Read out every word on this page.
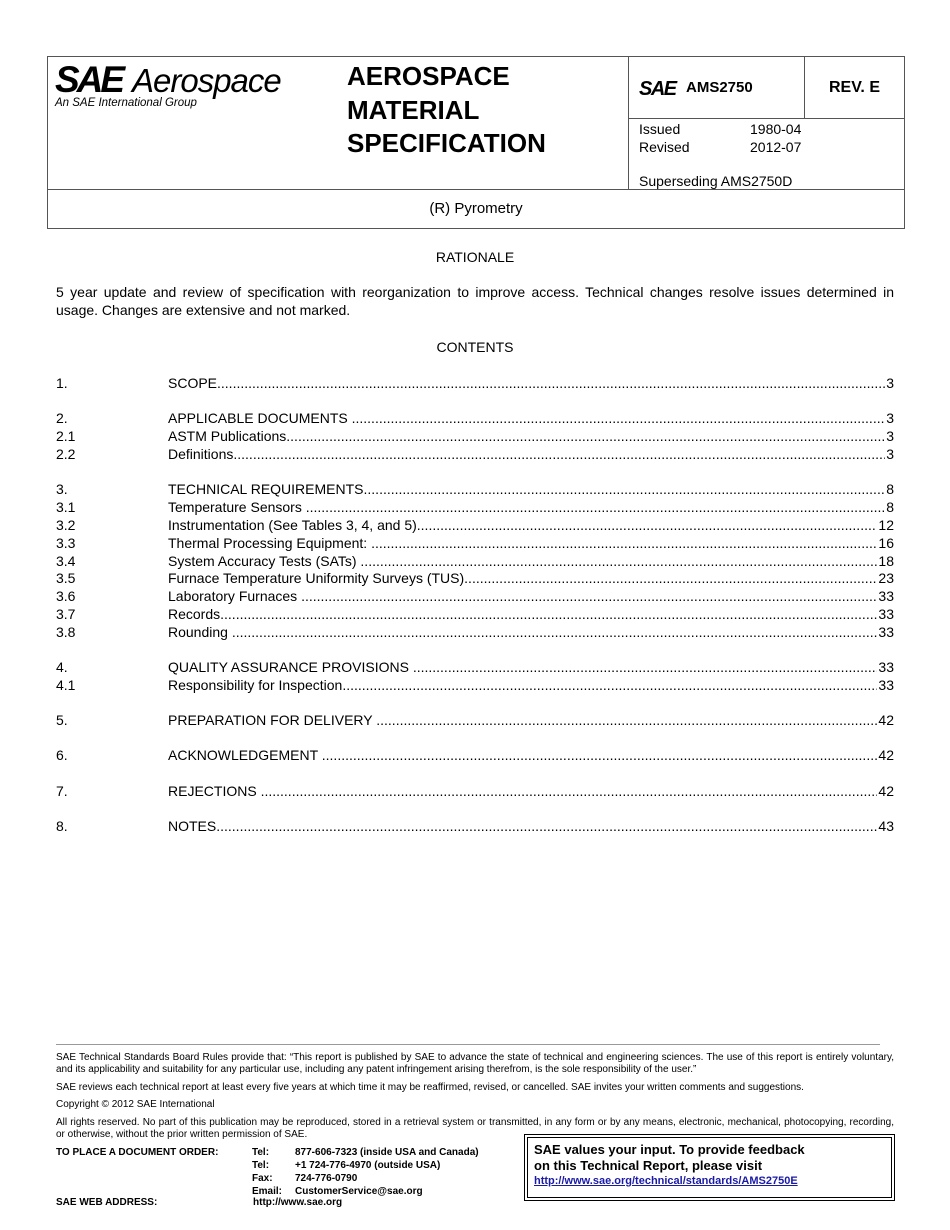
SAE Aerospace
An SAE International Group
AEROSPACE
MATERIAL
SPECIFICATION
SAE AMS2750	REV. E
Issued	1980-04
Revised	2012-07
Superseding AMS2750D
(R) Pyrometry
RATIONALE
5 year update and review of specification with reorganization to improve access. Technical changes resolve issues determined in usage. Changes are extensive and not marked.
CONTENTS
1.	SCOPE .....	3
2.	APPLICABLE DOCUMENTS .....	3
2.1	ASTM Publications .....	3
2.2	Definitions .....	3
3.	TECHNICAL REQUIREMENTS .....	8
3.1	Temperature Sensors .....	8
3.2	Instrumentation (See Tables 3, 4, and 5) .....	12
3.3	Thermal Processing Equipment: .....	16
3.4	System Accuracy Tests (SATs) .....	18
3.5	Furnace Temperature Uniformity Surveys (TUS) .....	23
3.6	Laboratory Furnaces .....	33
3.7	Records .....	33
3.8	Rounding .....	33
4.	QUALITY ASSURANCE PROVISIONS .....	33
4.1	Responsibility for Inspection .....	33
5.	PREPARATION FOR DELIVERY .....	42
6.	ACKNOWLEDGEMENT .....	42
7.	REJECTIONS .....	42
8.	NOTES .....	43
SAE Technical Standards Board Rules provide that: “This report is published by SAE to advance the state of technical and engineering sciences. The use of this report is entirely voluntary, and its applicability and suitability for any particular use, including any patent infringement arising therefrom, is the sole responsibility of the user.”
SAE reviews each technical report at least every five years at which time it may be reaffirmed, revised, or cancelled. SAE invites your written comments and suggestions.
Copyright © 2012 SAE International
All rights reserved. No part of this publication may be reproduced, stored in a retrieval system or transmitted, in any form or by any means, electronic, mechanical, photocopying, recording, or otherwise, without the prior written permission of SAE.
TO PLACE A DOCUMENT ORDER:	Tel:	877-606-7323 (inside USA and Canada)
Tel:	+1 724-776-4970 (outside USA)
Fax: 724-776-0790
Email: CustomerService@sae.org
SAE WEB ADDRESS:	http://www.sae.org
SAE values your input. To provide feedback
on this Technical Report, please visit
http://www.sae.org/technical/standards/AMS2750E
